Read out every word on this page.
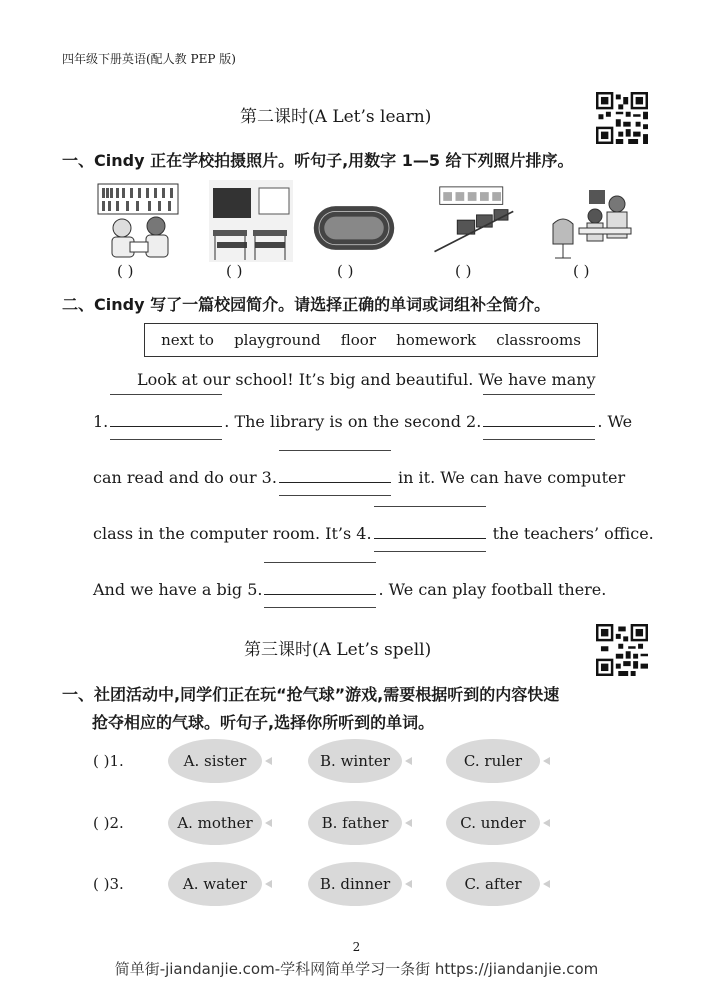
四年级下册英语(配人教 PEP 版)
第二课时(A Let’s learn)
一、Cindy 正在学校拍摄照片。听句子,用数字 1—5 给下列照片排序。
( )	( )	( )	( )	( )
二、Cindy 写了一篇校园简介。请选择正确的单词或词组补全简介。
next to playground floor homework classrooms
Look at our school! It’s big and beautiful. We have many
1.	. The library is on the second 2.	. We
can read and do our 3.	in it. We can have computer
class in the computer room. It’s 4.	the teachers’ office.
And we have a big 5.	. We can play football there.
第三课时(A Let’s spell)
一、社团活动中,同学们正在玩“抢气球”游戏,需要根据听到的内容快速
抢夺相应的气球。听句子,选择你所听到的单词。
( )1.	A. sister	B. winter	C. ruler
( )2.	A. mother	B. father	C. under
( )3.	A. water	B. dinner	C. after
2
简单街-jiandanjie.com-学科网简单学习一条街 https://jiandanjie.com
